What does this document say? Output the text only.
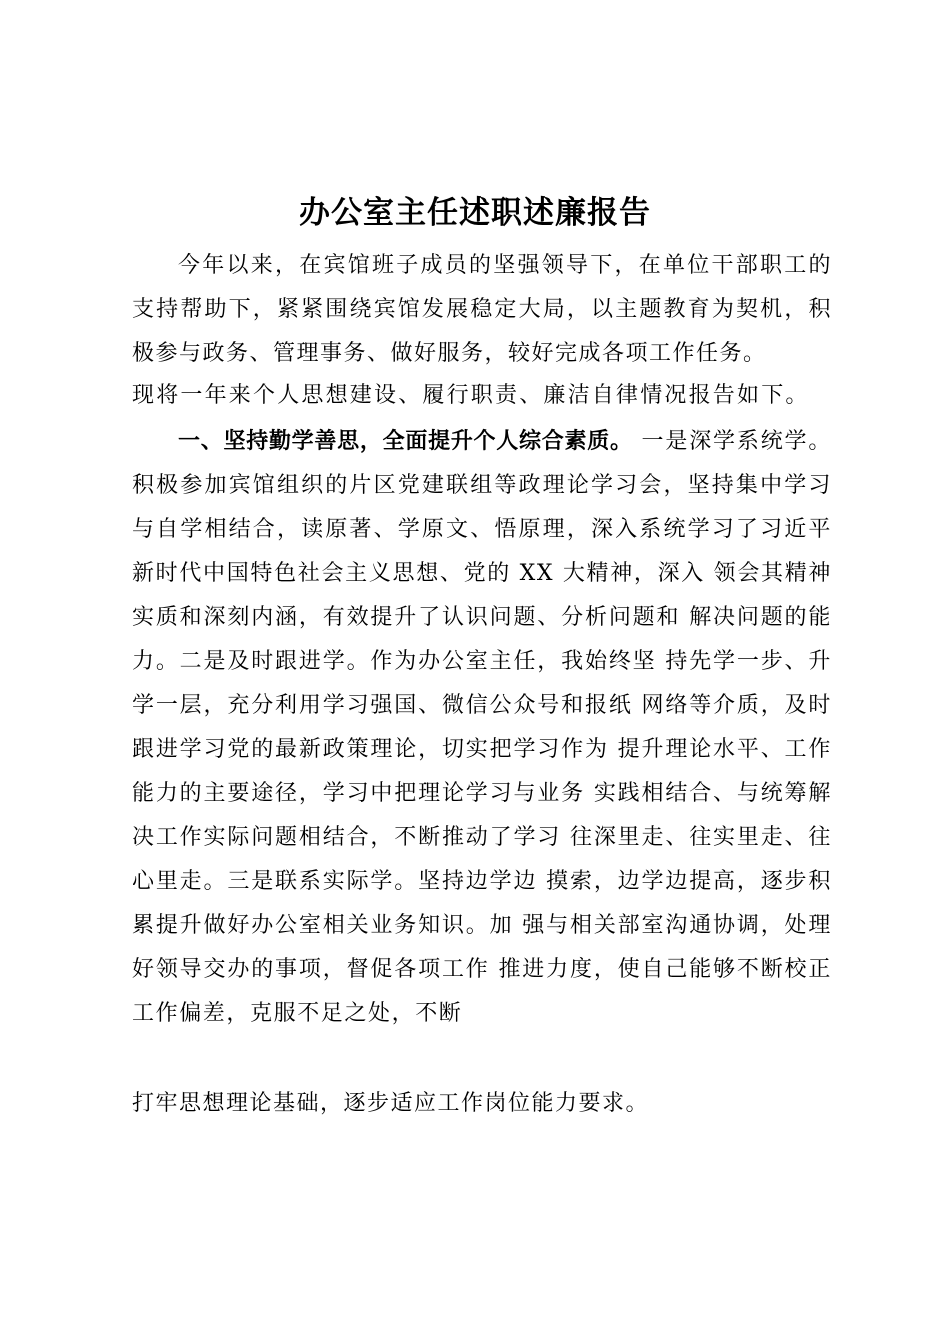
办公室主任述职述廉报告

今年以来，在宾馆班子成员的坚强领导下，在单位干部职工的支持帮助下，紧紧围绕宾馆发展稳定大局，以主题教育为契机，积极参与政务、管理事务、做好服务，较好完成各项工作任务。

现将一年来个人思想建设、履行职责、廉洁自律情况报告如下。

一、坚持勤学善思，全面提升个人综合素质。 一是深学系统学。积极参加宾馆组织的片区党建联组等政理论学习会，坚持集中学习与自学相结合，读原著、学原文、悟原理，深入系统学习了习近平新时代中国特色社会主义思想、党的 XX 大精神，深入 领会其精神实质和深刻内涵，有效提升了认识问题、分析问题和 解决问题的能力。二是及时跟进学。作为办公室主任，我始终坚 持先学一步、升学一层，充分利用学习强国、微信公众号和报纸 网络等介质，及时跟进学习党的最新政策理论，切实把学习作为 提升理论水平、工作能力的主要途径，学习中把理论学习与业务 实践相结合、与统筹解决工作实际问题相结合，不断推动了学习 往深里走、往实里走、往心里走。三是联系实际学。坚持边学边 摸索，边学边提高，逐步积累提升做好办公室相关业务知识。加 强与相关部室沟通协调，处理好领导交办的事项，督促各项工作 推进力度，使自己能够不断校正工作偏差，克服不足之处，不断

打牢思想理论基础，逐步适应工作岗位能力要求。
